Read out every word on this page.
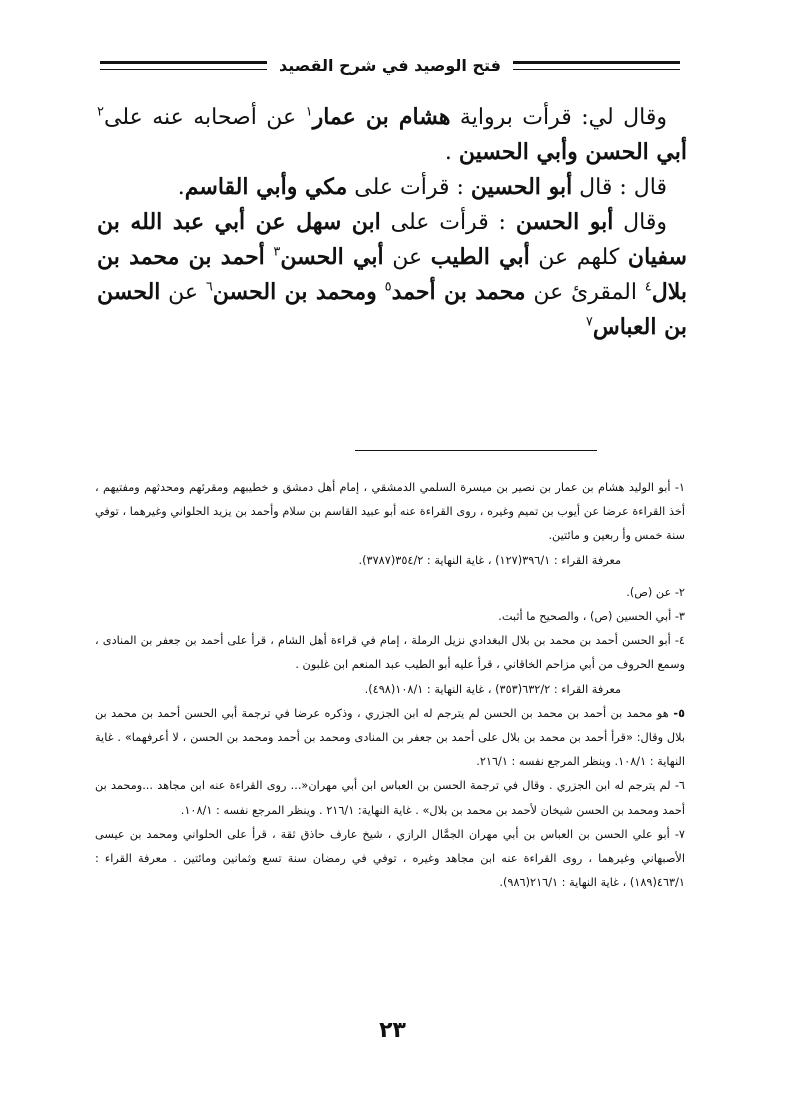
فتح الوصيد في شرح القصيد

وقال لي: قرأت برواية هشام بن عمار$^١$ عن أصحابه عنه على$^٢$ أبي الحسن وأبي الحسين .

قال : قال أبو الحسين : قرأت على مكي وأبي القاسم.

وقال أبو الحسن : قرأت على ابن سهل عن أبي عبد الله بن سفيان كلهم عن أبي الطيب عن أبي الحسن$^٣$ أحمد بن محمد بن بلال$^٤$ المقرئ عن محمد بن أحمد$^٥$ ومحمد بن الحسن$^٦$ عن الحسن بن العباس$^٧$

١- أبو الوليد هشام بن عمار بن نصير بن ميسرة السلمي الدمشقي ، إمام أهل دمشق و خطيبهم ومقرئهم ومحدثهم ومفتيهم ، أخذ القراءة عرضا عن أيوب بن تميم وغيره ، روى القراءة عنه أبو عبيد القاسم بن سلام وأحمد بن يزيد الحلواني وغيرهما ، توفي سنة خمس وأ ربعين و مائتين.

معرفة القراء : ٣٩٦/١(١٢٧) ، غاية النهاية : ٣٥٤/٢(٣٧٨٧).

٢- عن (ص).

٣- أبي الحسين (ص) ، والصحيح ما أثبت.

٤- أبو الحسن أحمد بن محمد بن بلال البغدادي نزيل الرملة ، إمام في قراءة أهل الشام ، قرأ على أحمد بن جعفر بن المنادى ، وسمع الحروف من أبي مزاحم الخاقاني ، قرأ عليه أبو الطيب عبد المنعم ابن غلبون .

معرفة القراء : ٦٣٢/٢(٣٥٣) ، غاية النهاية : ١٠٨/١(٤٩٨).

٥- هو محمد بن أحمد بن محمد بن الحسن لم يترجم له ابن الجزري ، وذكره عرضا في ترجمة أبي الحسن أحمد بن محمد بن بلال وقال: «قرأ أحمد بن محمد بن بلال على أحمد بن جعفر بن المنادى ومحمد بن أحمد ومحمد بن الحسن ، لا أعرفهما» . غاية النهاية : ١٠٨/١. وينظر المرجع نفسه : ٢١٦/١.

٦- لم يترجم له ابن الجزري . وقال في ترجمة الحسن بن العباس ابن أبي مهران«... روى القراءة عنه ابن مجاهد ...ومحمد بن أحمد ومحمد بن الحسن شيخان لأحمد بن محمد بن بلال» . غاية النهاية: ٢١٦/١ . وينظر المرجع نفسه : ١٠٨/١.

٧- أبو علي الحسن بن العباس بن أبي مهران الجمَّال الرازي ، شيخ عارف حاذق ثقة ، قرأ على الحلواني ومحمد بن عيسى الأصبهاني وغيرهما ، روى القراءة عنه ابن مجاهد وغيره ، توفي في رمضان سنة تسع وثمانين ومائتين . معرفة القراء : ٤٦٣/١(١٨٩) ، غاية النهاية : ٢١٦/١(٩٨٦).

٢٣
